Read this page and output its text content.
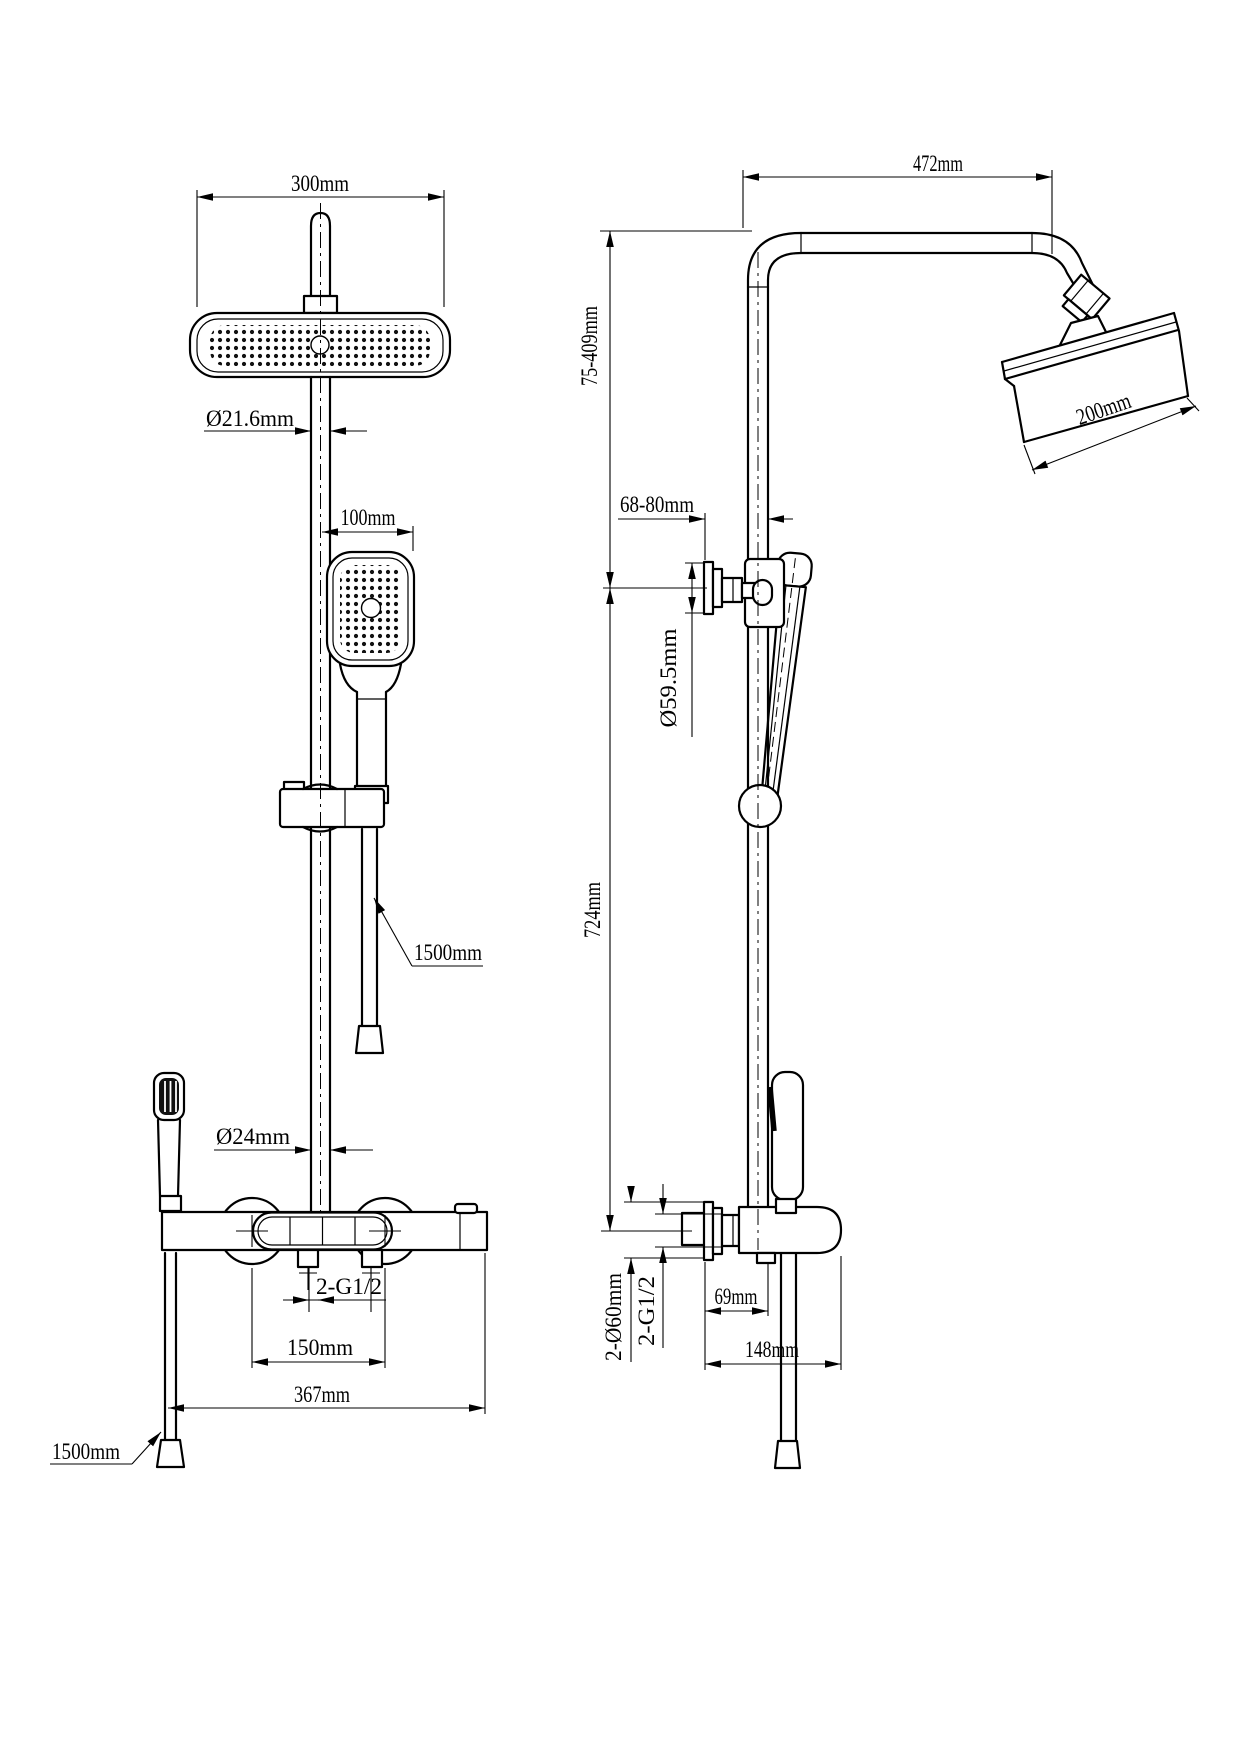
300mm
Ø21.6mm
100mm
1500mm
Ø24mm
2-G1/2
150mm
367mm
1500mm
472mm
75-409mm
724mm
68-80mm
Ø59.5mm
200mm
69mm
148mm
2-Ø60mm 2-G1/2
